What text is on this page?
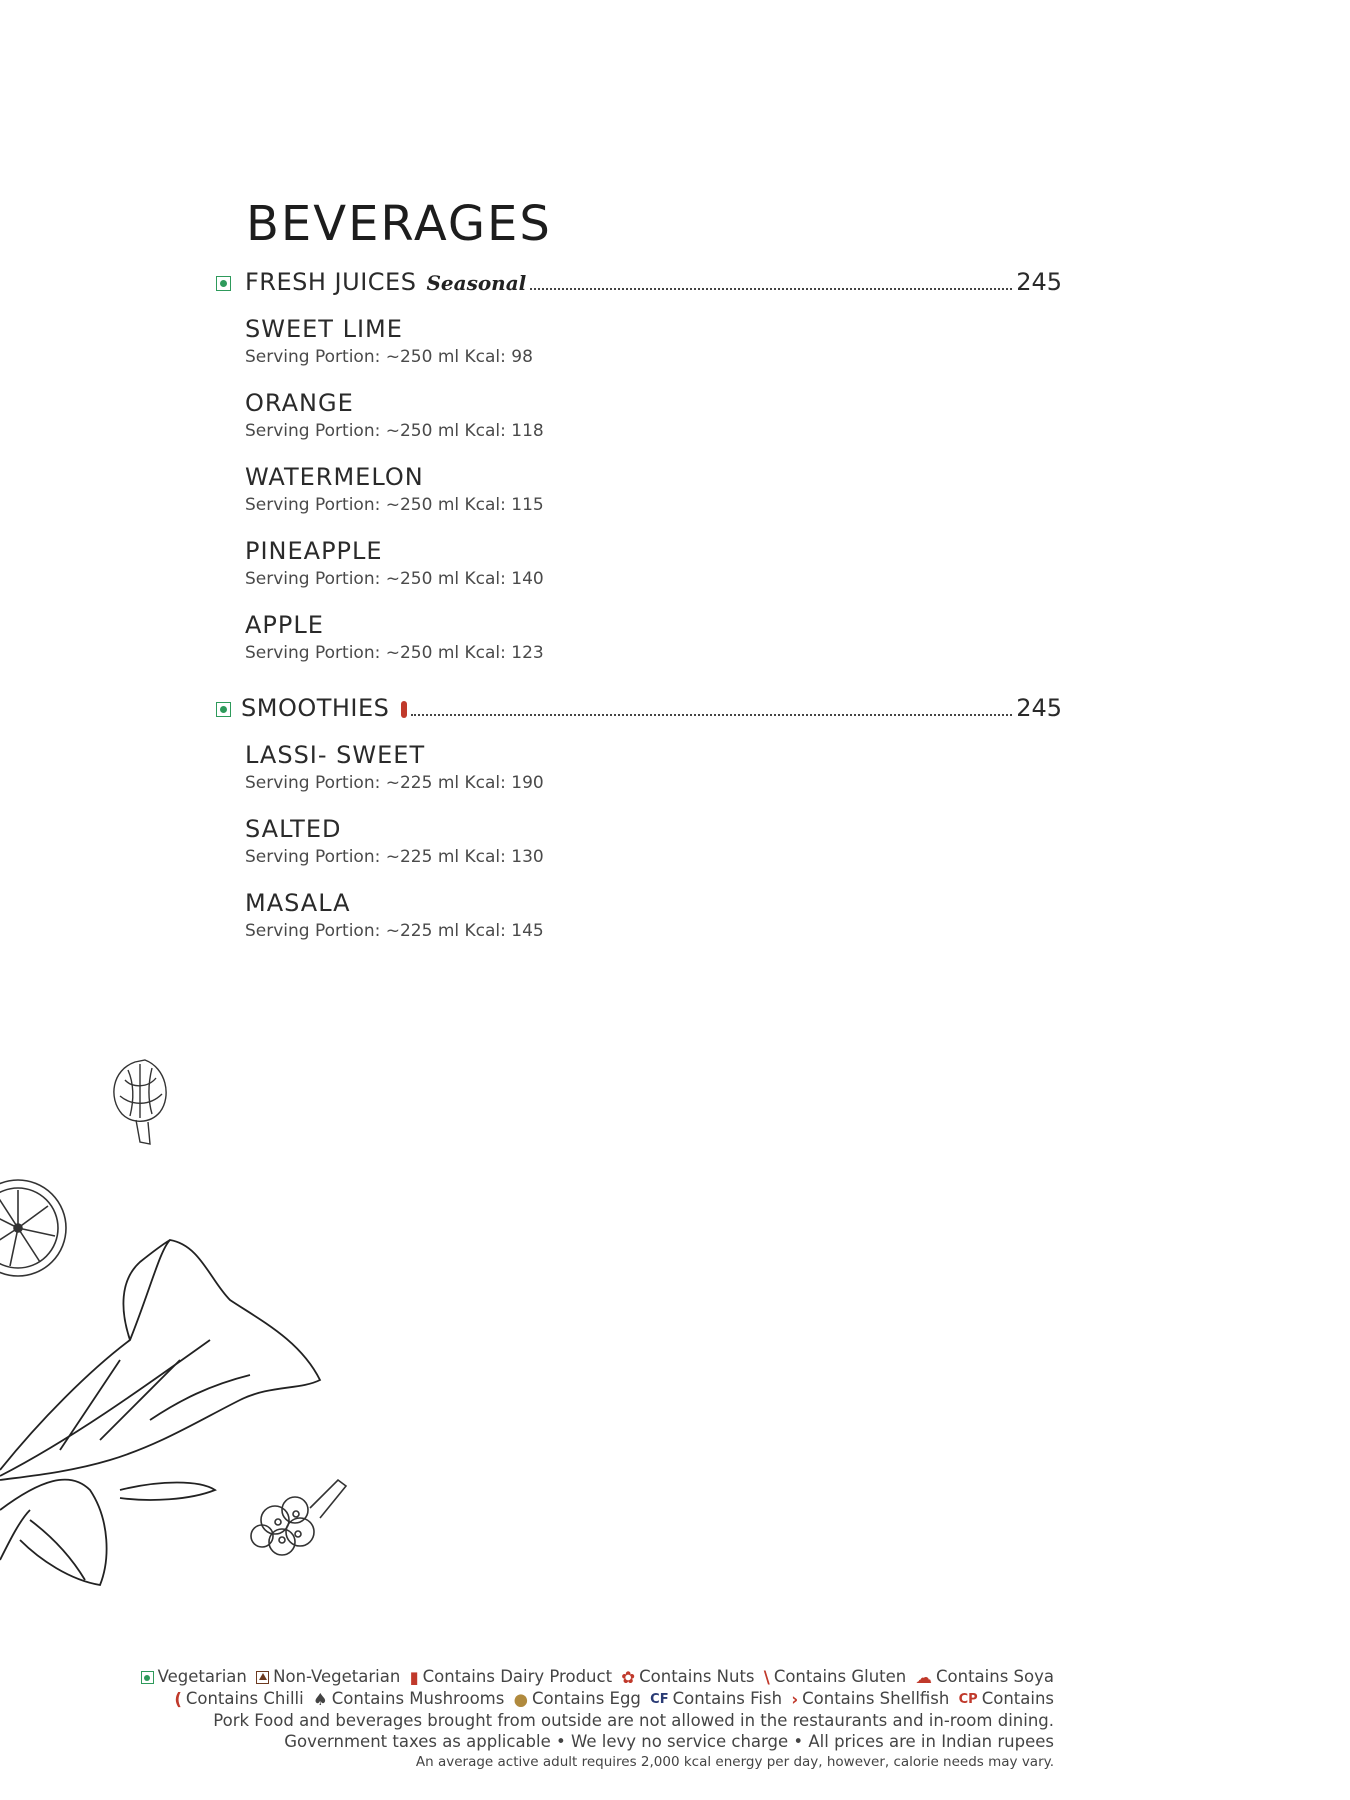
BEVERAGES
FRESH JUICES Seasonal	245
SWEET LIME
Serving Portion: ~250 ml Kcal: 98
ORANGE
Serving Portion: ~250 ml Kcal: 118
WATERMELON
Serving Portion: ~250 ml Kcal: 115
PINEAPPLE
Serving Portion: ~250 ml Kcal: 140
APPLE
Serving Portion: ~250 ml Kcal: 123
SMOOTHIES	245
LASSI- SWEET
Serving Portion: ~225 ml Kcal: 190
SALTED
Serving Portion: ~225 ml Kcal: 130
MASALA
Serving Portion: ~225 ml Kcal: 145
Vegetarian Non-Vegetarian ▮ Contains Dairy Product ✿ Contains Nuts \ Contains Gluten ☁ Contains Soya
( Contains Chilli ♠ Contains Mushrooms ● Contains Egg CF Contains Fish › Contains Shellfish CP Contains
Pork Food and beverages brought from outside are not allowed in the restaurants and in-room dining.
Government taxes as applicable • We levy no service charge • All prices are in Indian rupees
An average active adult requires 2,000 kcal energy per day, however, calorie needs may vary.
